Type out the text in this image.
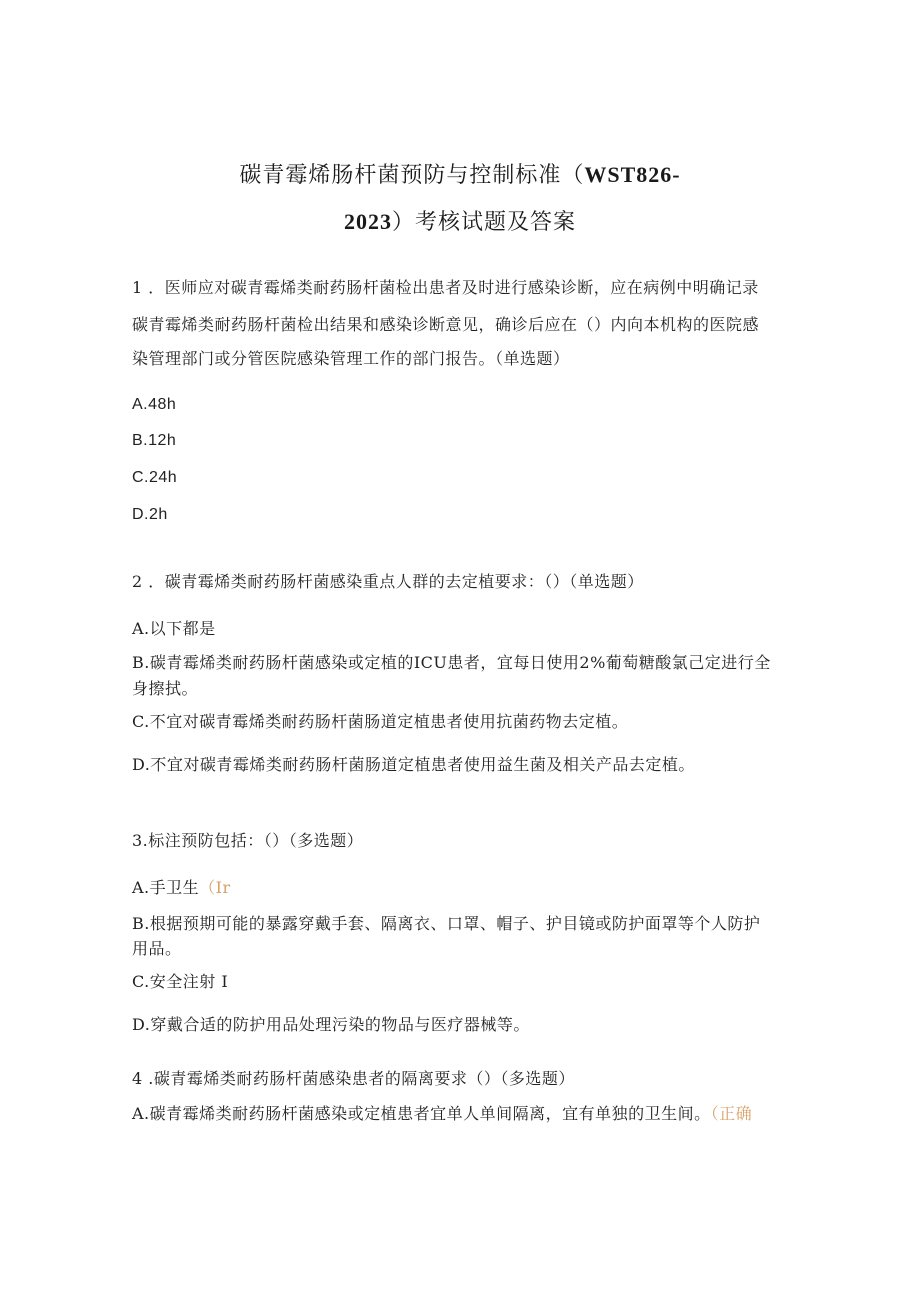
碳青霉烯肠杆菌预防与控制标准（WST826-
2023）考核试题及答案
1 ．医师应对碳青霉烯类耐药肠杆菌检出患者及时进行感染诊断，应在病例中明确记录
碳青霉烯类耐药肠杆菌检出结果和感染诊断意见，确诊后应在（）内向本机构的医院感
染管理部门或分管医院感染管理工作的部门报告。（单选题）
A.48h
B.12h
C.24h
D.2h
2 ．碳青霉烯类耐药肠杆菌感染重点人群的去定植要求：（）（单选题）
A.以下都是
B.碳青霉烯类耐药肠杆菌感染或定植的ICU患者，宜每日使用2%葡萄糖酸氯己定进行全
身擦拭。
C.不宜对碳青霉烯类耐药肠杆菌肠道定植患者使用抗菌药物去定植。
D.不宜对碳青霉烯类耐药肠杆菌肠道定植患者使用益生菌及相关产品去定植。
3.标注预防包括：（）（多选题）
A.手卫生（Ir
B.根据预期可能的暴露穿戴手套、隔离衣、口罩、帽子、护目镜或防护面罩等个人防护
用品。
C.安全注射 I
D.穿戴合适的防护用品处理污染的物品与医疗器械等。
4 .碳青霉烯类耐药肠杆菌感染患者的隔离要求（）（多选题）
A.碳青霉烯类耐药肠杆菌感染或定植患者宜单人单间隔离，宜有单独的卫生间。（正确
